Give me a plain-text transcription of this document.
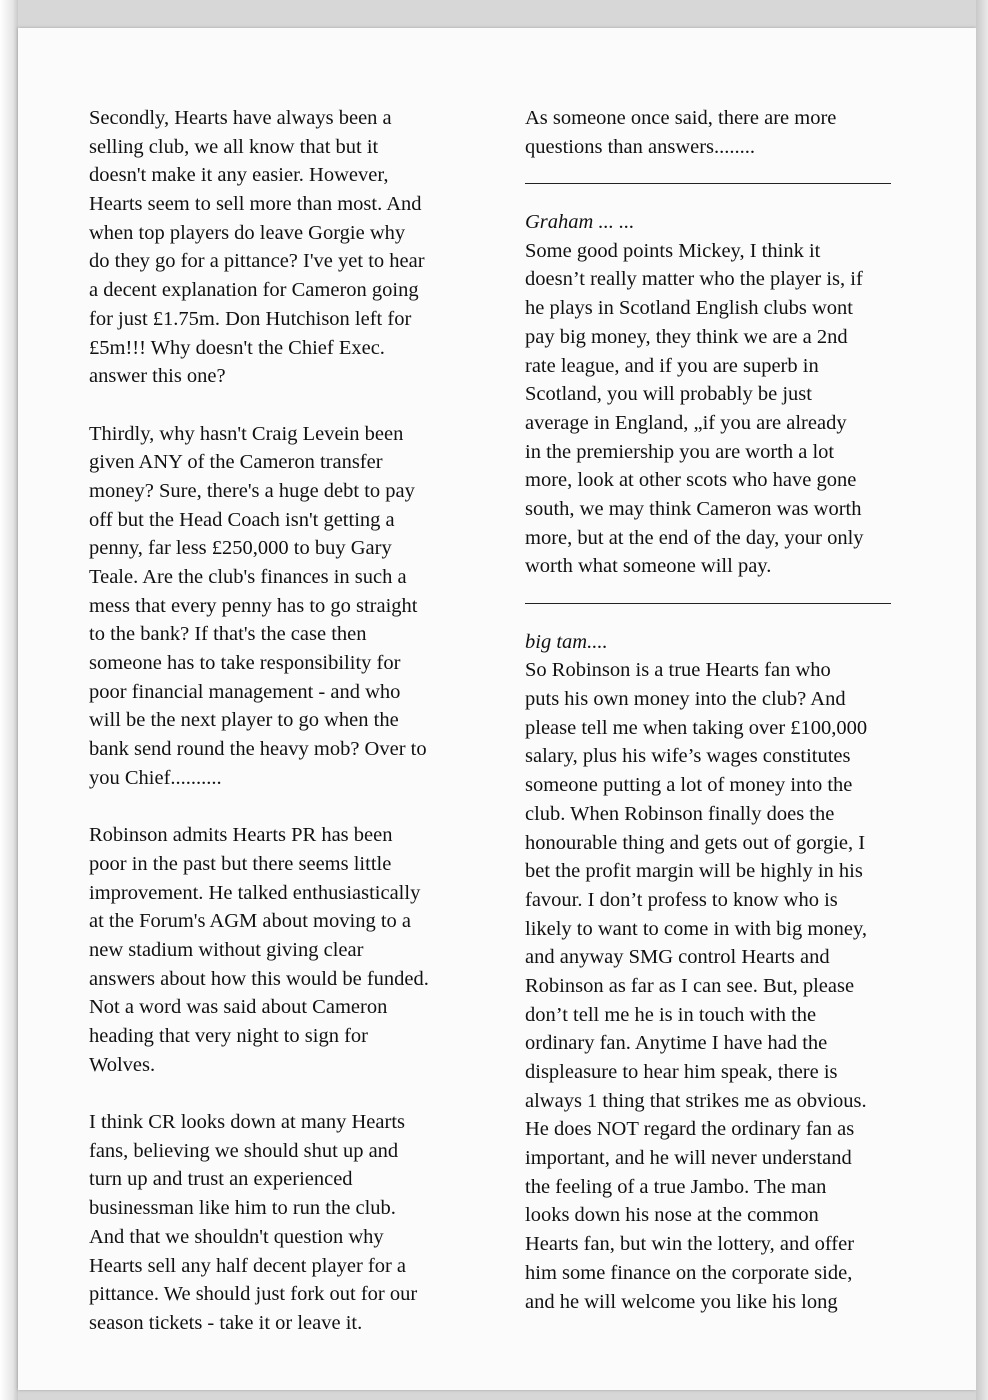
Secondly, Hearts have always been a
selling club, we all know that but it
doesn't make it any easier. However,
Hearts seem to sell more than most. And
when top players do leave Gorgie why
do they go for a pittance? I've yet to hear
a decent explanation for Cameron going
for just £1.75m. Don Hutchison left for
£5m!!! Why doesn't the Chief Exec.
answer this one?
Thirdly, why hasn't Craig Levein been
given ANY of the Cameron transfer
money? Sure, there's a huge debt to pay
off but the Head Coach isn't getting a
penny, far less £250,000 to buy Gary
Teale. Are the club's finances in such a
mess that every penny has to go straight
to the bank? If that's the case then
someone has to take responsibility for
poor financial management - and who
will be the next player to go when the
bank send round the heavy mob? Over to
you Chief..........
Robinson admits Hearts PR has been
poor in the past but there seems little
improvement. He talked enthusiastically
at the Forum's AGM about moving to a
new stadium without giving clear
answers about how this would be funded.
Not a word was said about Cameron
heading that very night to sign for
Wolves.
I think CR looks down at many Hearts
fans, believing we should shut up and
turn up and trust an experienced
businessman like him to run the club.
And that we shouldn't question why
Hearts sell any half decent player for a
pittance. We should just fork out for our
season tickets - take it or leave it.
As someone once said, there are more
questions than answers........
Graham ... ...
Some good points Mickey, I think it
doesn’t really matter who the player is, if
he plays in Scotland English clubs wont
pay big money, they think we are a 2nd
rate league, and if you are superb in
Scotland, you will probably be just
average in England, „if you are already
in the premiership you are worth a lot
more, look at other scots who have gone
south, we may think Cameron was worth
more, but at the end of the day, your only
worth what someone will pay.
big tam....
So Robinson is a true Hearts fan who
puts his own money into the club? And
please tell me when taking over £100,000
salary, plus his wife’s wages constitutes
someone putting a lot of money into the
club. When Robinson finally does the
honourable thing and gets out of gorgie, I
bet the profit margin will be highly in his
favour. I don’t profess to know who is
likely to want to come in with big money,
and anyway SMG control Hearts and
Robinson as far as I can see. But, please
don’t tell me he is in touch with the
ordinary fan. Anytime I have had the
displeasure to hear him speak, there is
always 1 thing that strikes me as obvious.
He does NOT regard the ordinary fan as
important, and he will never understand
the feeling of a true Jambo. The man
looks down his nose at the common
Hearts fan, but win the lottery, and offer
him some finance on the corporate side,
and he will welcome you like his long
